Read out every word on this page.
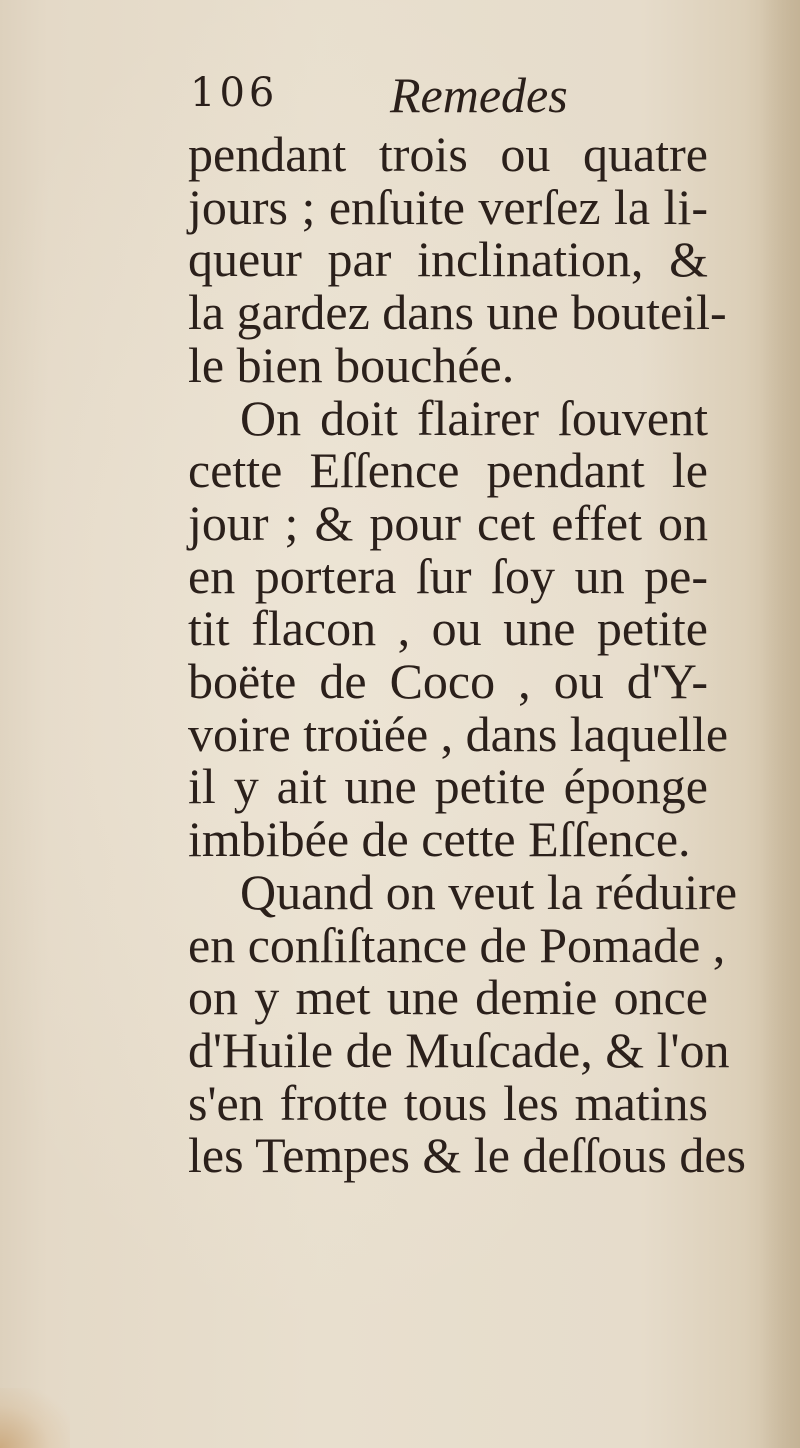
106 Remedes
pendant trois ou quatre
jours ; enſuite verſez la li-
queur par inclination, &
la gardez dans une bouteil-
le bien bouchée.
On doit flairer ſouvent
cette Eſſence pendant le
jour ; & pour cet effet on
en portera ſur ſoy un pe-
tit flacon , ou une petite
boëte de Coco , ou d'Y-
voire troüée , dans laquelle
il y ait une petite éponge
imbibée de cette Eſſence.
Quand on veut la réduire
en conſiſtance de Pomade ,
on y met une demie once
d'Huile de Muſcade, & l'on
s'en frotte tous les matins
les Tempes & le deſſous des
